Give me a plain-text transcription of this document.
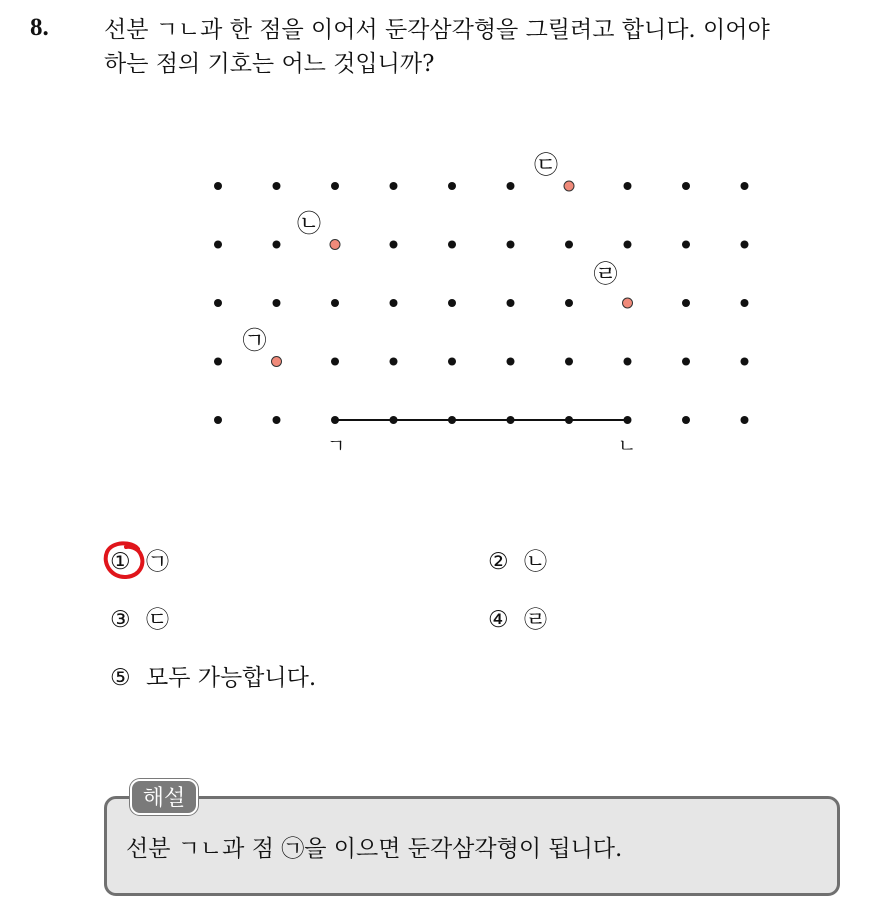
8. 선분 ㄱㄴ과 한 점을 이어서 둔각삼각형을 그릴려고 합니다. 이어야
하는 점의 기호는 어느 것입니까?
ㄱ	ㄴ
㉠
㉡
㉢
㉣
① ㉠	② ㉡
③ ㉢	④ ㉣
⑤ 모두 가능합니다.
해설
선분 ㄱㄴ과 점 ㉠을 이으면 둔각삼각형이 됩니다.
